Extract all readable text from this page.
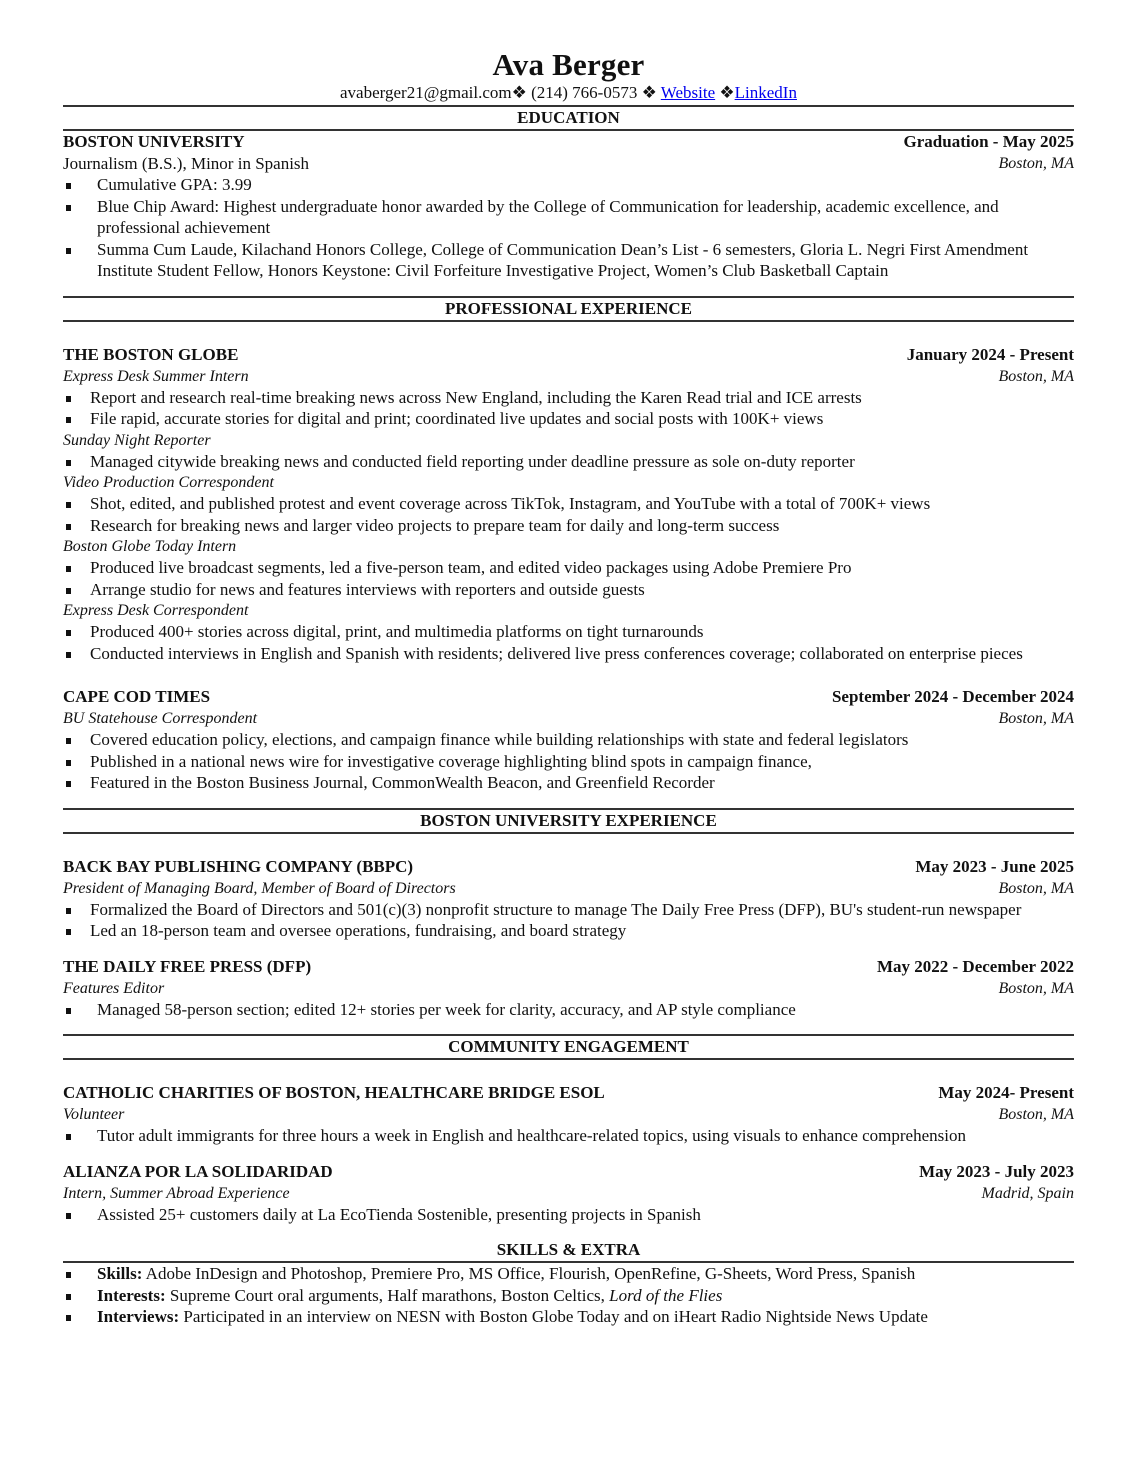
Ava Berger
avaberger21@gmail.com❖ (214) 766-0573 ❖ Website ❖LinkedIn
EDUCATION
BOSTON UNIVERSITY	Graduation - May 2025
Journalism (B.S.), Minor in Spanish	Boston, MA
Cumulative GPA: 3.99
Blue Chip Award: Highest undergraduate honor awarded by the College of Communication for leadership, academic excellence, and professional achievement
Summa Cum Laude, Kilachand Honors College, College of Communication Dean’s List - 6 semesters, Gloria L. Negri First Amendment Institute Student Fellow, Honors Keystone: Civil Forfeiture Investigative Project, Women’s Club Basketball Captain
PROFESSIONAL EXPERIENCE
THE BOSTON GLOBE	January 2024 - Present
Express Desk Summer Intern	Boston, MA
Report and research real-time breaking news across New England, including the Karen Read trial and ICE arrests
File rapid, accurate stories for digital and print; coordinated live updates and social posts with 100K+ views
Sunday Night Reporter
Managed citywide breaking news and conducted field reporting under deadline pressure as sole on-duty reporter
Video Production Correspondent
Shot, edited, and published protest and event coverage across TikTok, Instagram, and YouTube with a total of 700K+ views
Research for breaking news and larger video projects to prepare team for daily and long-term success
Boston Globe Today Intern
Produced live broadcast segments, led a five-person team, and edited video packages using Adobe Premiere Pro
Arrange studio for news and features interviews with reporters and outside guests
Express Desk Correspondent
Produced 400+ stories across digital, print, and multimedia platforms on tight turnarounds
Conducted interviews in English and Spanish with residents; delivered live press conferences coverage; collaborated on enterprise pieces
CAPE COD TIMES	September 2024 - December 2024
BU Statehouse Correspondent	Boston, MA
Covered education policy, elections, and campaign finance while building relationships with state and federal legislators
Published in a national news wire for investigative coverage highlighting blind spots in campaign finance,
Featured in the Boston Business Journal, CommonWealth Beacon, and Greenfield Recorder
BOSTON UNIVERSITY EXPERIENCE
BACK BAY PUBLISHING COMPANY (BBPC)	May 2023 - June 2025
President of Managing Board, Member of Board of Directors	Boston, MA
Formalized the Board of Directors and 501(c)(3) nonprofit structure to manage The Daily Free Press (DFP), BU's student-run newspaper
Led an 18-person team and oversee operations, fundraising, and board strategy
THE DAILY FREE PRESS (DFP)	May 2022 - December 2022
Features Editor	Boston, MA
Managed 58-person section; edited 12+ stories per week for clarity, accuracy, and AP style compliance
COMMUNITY ENGAGEMENT
CATHOLIC CHARITIES OF BOSTON, HEALTHCARE BRIDGE ESOL	May 2024- Present
Volunteer	Boston, MA
Tutor adult immigrants for three hours a week in English and healthcare-related topics, using visuals to enhance comprehension
ALIANZA POR LA SOLIDARIDAD	May 2023 - July 2023
Intern, Summer Abroad Experience	Madrid, Spain
Assisted 25+ customers daily at La EcoTienda Sostenible, presenting projects in Spanish
SKILLS & EXTRA
Skills: Adobe InDesign and Photoshop, Premiere Pro, MS Office, Flourish, OpenRefine, G-Sheets, Word Press, Spanish
Interests: Supreme Court oral arguments, Half marathons, Boston Celtics, Lord of the Flies
Interviews: Participated in an interview on NESN with Boston Globe Today and on iHeart Radio Nightside News Update
